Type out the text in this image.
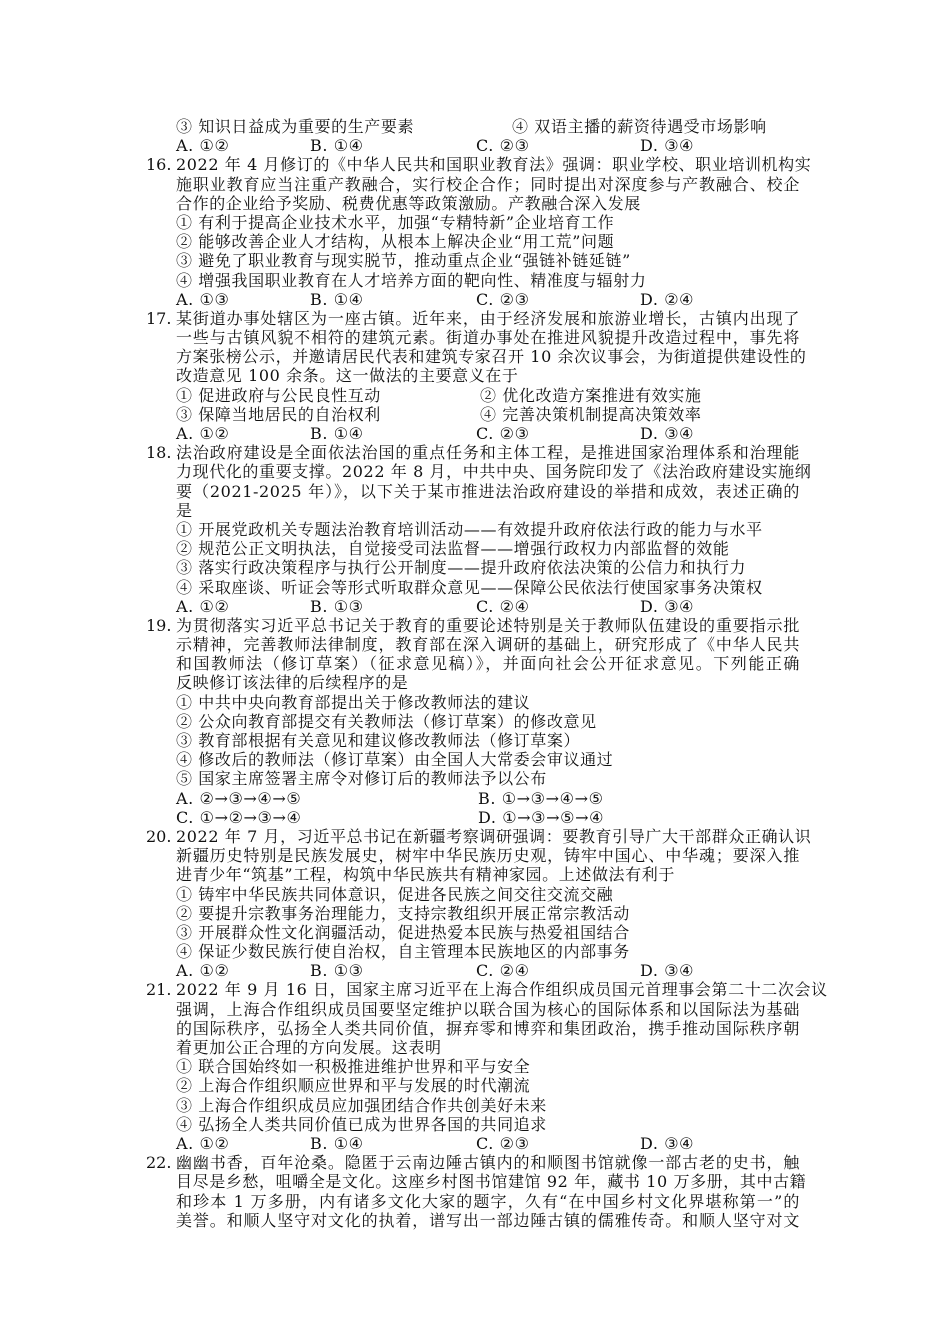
③ 知识日益成为重要的生产要素	④ 双语主播的薪资待遇受市场影响
A. ①②	B. ①④	C. ②③	D. ③④
16. 2022 年 4 月修订的《中华人民共和国职业教育法》强调：职业学校、职业培训机构实
施职业教育应当注重产教融合，实行校企合作；同时提出对深度参与产教融合、校企
合作的企业给予奖励、税费优惠等政策激励。产教融合深入发展
① 有利于提高企业技术水平，加强“专精特新”企业培育工作
② 能够改善企业人才结构，从根本上解决企业“用工荒”问题
③ 避免了职业教育与现实脱节，推动重点企业“强链补链延链”
④ 增强我国职业教育在人才培养方面的靶向性、精准度与辐射力
A. ①③	B. ①④	C. ②③	D. ②④
17. 某街道办事处辖区为一座古镇。近年来，由于经济发展和旅游业增长，古镇内出现了
一些与古镇风貌不相符的建筑元素。街道办事处在推进风貌提升改造过程中，事先将
方案张榜公示，并邀请居民代表和建筑专家召开 10 余次议事会，为街道提供建设性的
改造意见 100 余条。这一做法的主要意义在于
① 促进政府与公民良性互动	② 优化改造方案推进有效实施
③ 保障当地居民的自治权利	④ 完善决策机制提高决策效率
A. ①②	B. ①④	C. ②③	D. ③④
18. 法治政府建设是全面依法治国的重点任务和主体工程，是推进国家治理体系和治理能
力现代化的重要支撑。2022 年 8 月，中共中央、国务院印发了《法治政府建设实施纲
要（2021-2025 年）》，以下关于某市推进法治政府建设的举措和成效，表述正确的
是
① 开展党政机关专题法治教育培训活动——有效提升政府依法行政的能力与水平
② 规范公正文明执法，自觉接受司法监督——增强行政权力内部监督的效能
③ 落实行政决策程序与执行公开制度——提升政府依法决策的公信力和执行力
④ 采取座谈、听证会等形式听取群众意见——保障公民依法行使国家事务决策权
A. ①②	B. ①③	C. ②④	D. ③④
19. 为贯彻落实习近平总书记关于教育的重要论述特别是关于教师队伍建设的重要指示批
示精神，完善教师法律制度，教育部在深入调研的基础上，研究形成了《中华人民共
和国教师法（修订草案）（征求意见稿）》，并面向社会公开征求意见。下列能正确
反映修订该法律的后续程序的是
① 中共中央向教育部提出关于修改教师法的建议
② 公众向教育部提交有关教师法（修订草案）的修改意见
③ 教育部根据有关意见和建议修改教师法（修订草案）
④ 修改后的教师法（修订草案）由全国人大常委会审议通过
⑤ 国家主席签署主席令对修订后的教师法予以公布
A. ②→③→④→⑤	B. ①→③→④→⑤
C. ①→②→③→④	D. ①→③→⑤→④
20. 2022 年 7 月，习近平总书记在新疆考察调研强调：要教育引导广大干部群众正确认识
新疆历史特别是民族发展史，树牢中华民族历史观，铸牢中国心、中华魂；要深入推
进青少年“筑基”工程，构筑中华民族共有精神家园。上述做法有利于
① 铸牢中华民族共同体意识，促进各民族之间交往交流交融
② 要提升宗教事务治理能力，支持宗教组织开展正常宗教活动
③ 开展群众性文化润疆活动，促进热爱本民族与热爱祖国结合
④ 保证少数民族行使自治权，自主管理本民族地区的内部事务
A. ①②	B. ①③	C. ②④	D. ③④
21. 2022 年 9 月 16 日，国家主席习近平在上海合作组织成员国元首理事会第二十二次会议
强调，上海合作组织成员国要坚定维护以联合国为核心的国际体系和以国际法为基础
的国际秩序，弘扬全人类共同价值，摒弃零和博弈和集团政治，携手推动国际秩序朝
着更加公正合理的方向发展。这表明
① 联合国始终如一积极推进维护世界和平与安全
② 上海合作组织顺应世界和平与发展的时代潮流
③ 上海合作组织成员应加强团结合作共创美好未来
④ 弘扬全人类共同价值已成为世界各国的共同追求
A. ①②	B. ①④	C. ②③	D. ③④
22. 幽幽书香，百年沧桑。隐匿于云南边陲古镇内的和顺图书馆就像一部古老的史书，触
目尽是乡愁，咀嚼全是文化。这座乡村图书馆建馆 92 年，藏书 10 万多册，其中古籍
和珍本 1 万多册，内有诸多文化大家的题字，久有“在中国乡村文化界堪称第一”的
美誉。和顺人坚守对文化的执着，谱写出一部边陲古镇的儒雅传奇。和顺人坚守对文
